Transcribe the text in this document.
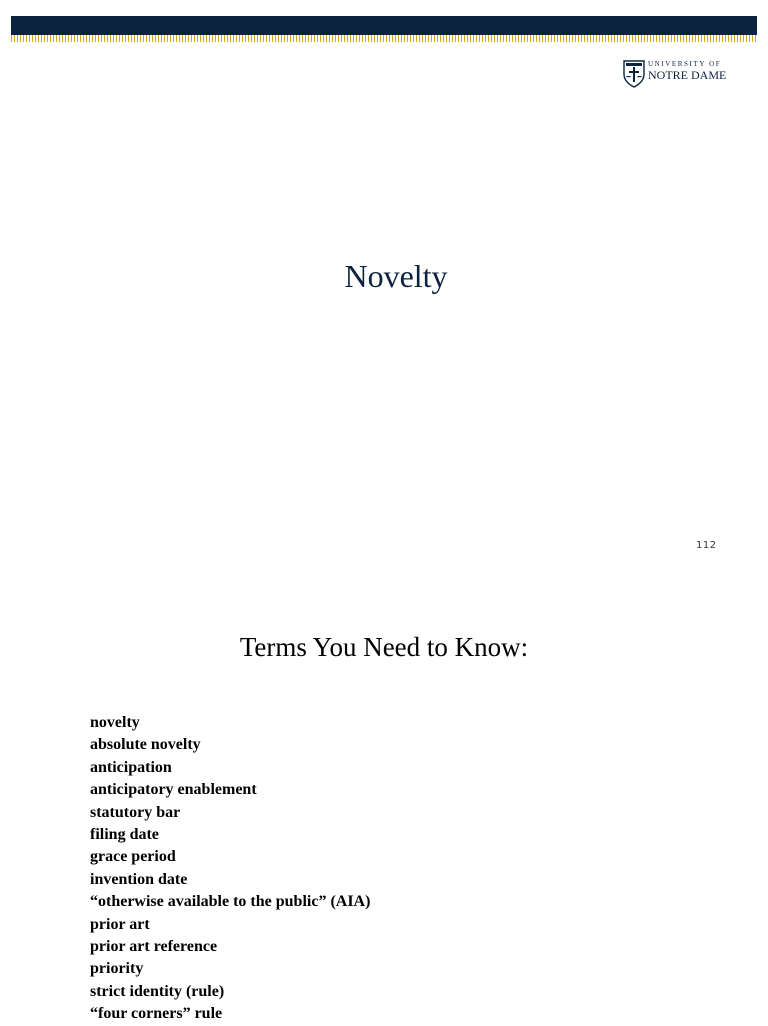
UNIVERSITY OF
NOTRE DAME
Novelty
112
Terms You Need to Know:
novelty
absolute novelty
anticipation
anticipatory enablement
statutory bar
filing date
grace period
invention date
“otherwise available to the public” (AIA)
prior art
prior art reference
priority
strict identity (rule)
“four corners” rule
